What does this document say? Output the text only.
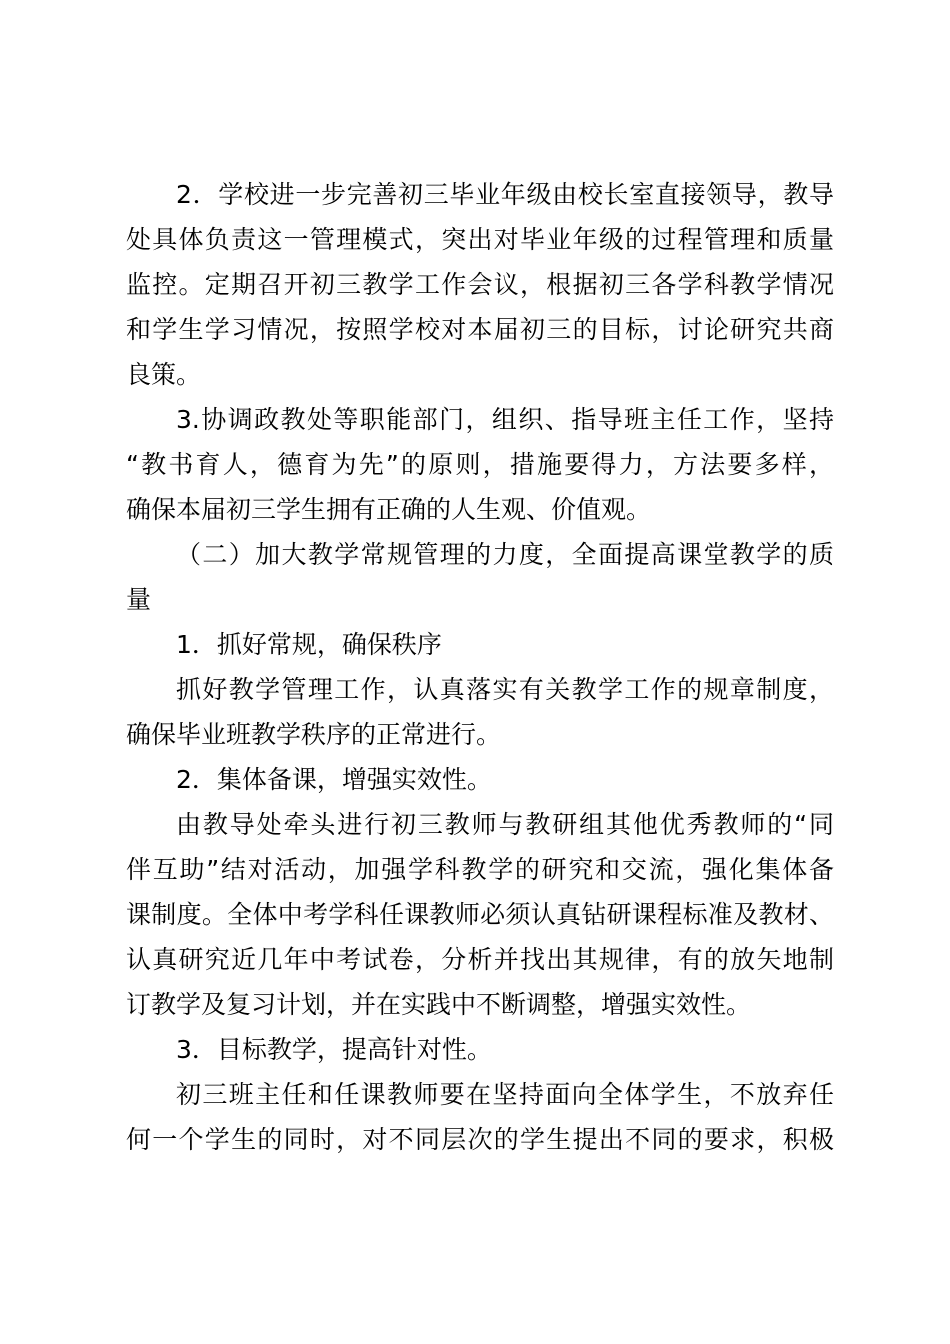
2．学校进一步完善初三毕业年级由校长室直接领导，教导
处具体负责这一管理模式，突出对毕业年级的过程管理和质量
监控。定期召开初三教学工作会议，根据初三各学科教学情况
和学生学习情况，按照学校对本届初三的目标，讨论研究共商
良策。
3.协调政教处等职能部门，组织、指导班主任工作，坚持
“教书育人，德育为先”的原则，措施要得力，方法要多样，
确保本届初三学生拥有正确的人生观、价值观。
（二）加大教学常规管理的力度，全面提高课堂教学的质
量
1．抓好常规，确保秩序
抓好教学管理工作，认真落实有关教学工作的规章制度，
确保毕业班教学秩序的正常进行。
2．集体备课，增强实效性。
由教导处牵头进行初三教师与教研组其他优秀教师的“同
伴互助”结对活动，加强学科教学的研究和交流，强化集体备
课制度。全体中考学科任课教师必须认真钻研课程标准及教材、
认真研究近几年中考试卷，分析并找出其规律，有的放矢地制
订教学及复习计划，并在实践中不断调整，增强实效性。
3．目标教学，提高针对性。
初三班主任和任课教师要在坚持面向全体学生，不放弃任
何一个学生的同时，对不同层次的学生提出不同的要求，积极
